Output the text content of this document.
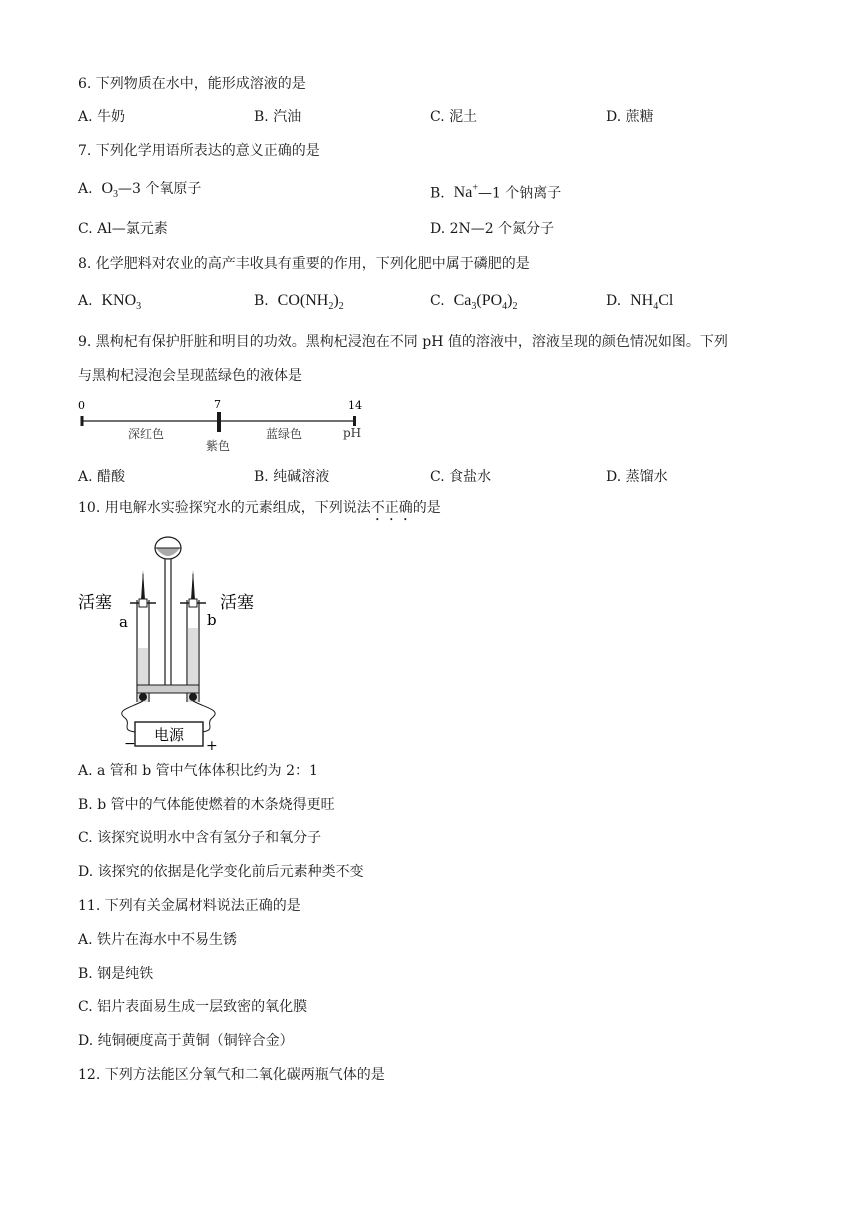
6. 下列物质在水中，能形成溶液的是
A. 牛奶	B. 汽油	C. 泥土	D. 蔗糖
7. 下列化学用语所表达的意义正确的是
A. $O_3—3$ 个氧原子	B. Na+—1 个钠离子
C. Al—氯元素	D. 2N—2 个氮分子
8. 化学肥料对农业的高产丰收具有重要的作用，下列化肥中属于磷肥的是
A. $KNO_3$	B. $CO(NH_2)_2$	C. $Ca_3(PO_4)_2$	D. $NH_4Cl$
9. 黑枸杞有保护肝脏和明目的功效。黑枸杞浸泡在不同 pH 值的溶液中，溶液呈现的颜色情况如图。下列
与黑枸杞浸泡会呈现蓝绿色的液体是
0	7	14
深红色
紫色
蓝绿色	pH
A. 醋酸	B. 纯碱溶液	C. 食盐水	D. 蒸馏水
10. 用电解水实验探究水的元素组成，下列说法不正确的是
电源
−	+
活塞	活塞
a	b
A. a 管和 b 管中气体体积比约为 2：1
B. b 管中的气体能使燃着的木条烧得更旺
C. 该探究说明水中含有氢分子和氧分子
D. 该探究的依据是化学变化前后元素种类不变
11. 下列有关金属材料说法正确的是
A. 铁片在海水中不易生锈
B. 钢是纯铁
C. 铝片表面易生成一层致密的氧化膜
D. 纯铜硬度高于黄铜（铜锌合金）
12. 下列方法能区分氧气和二氧化碳两瓶气体的是
